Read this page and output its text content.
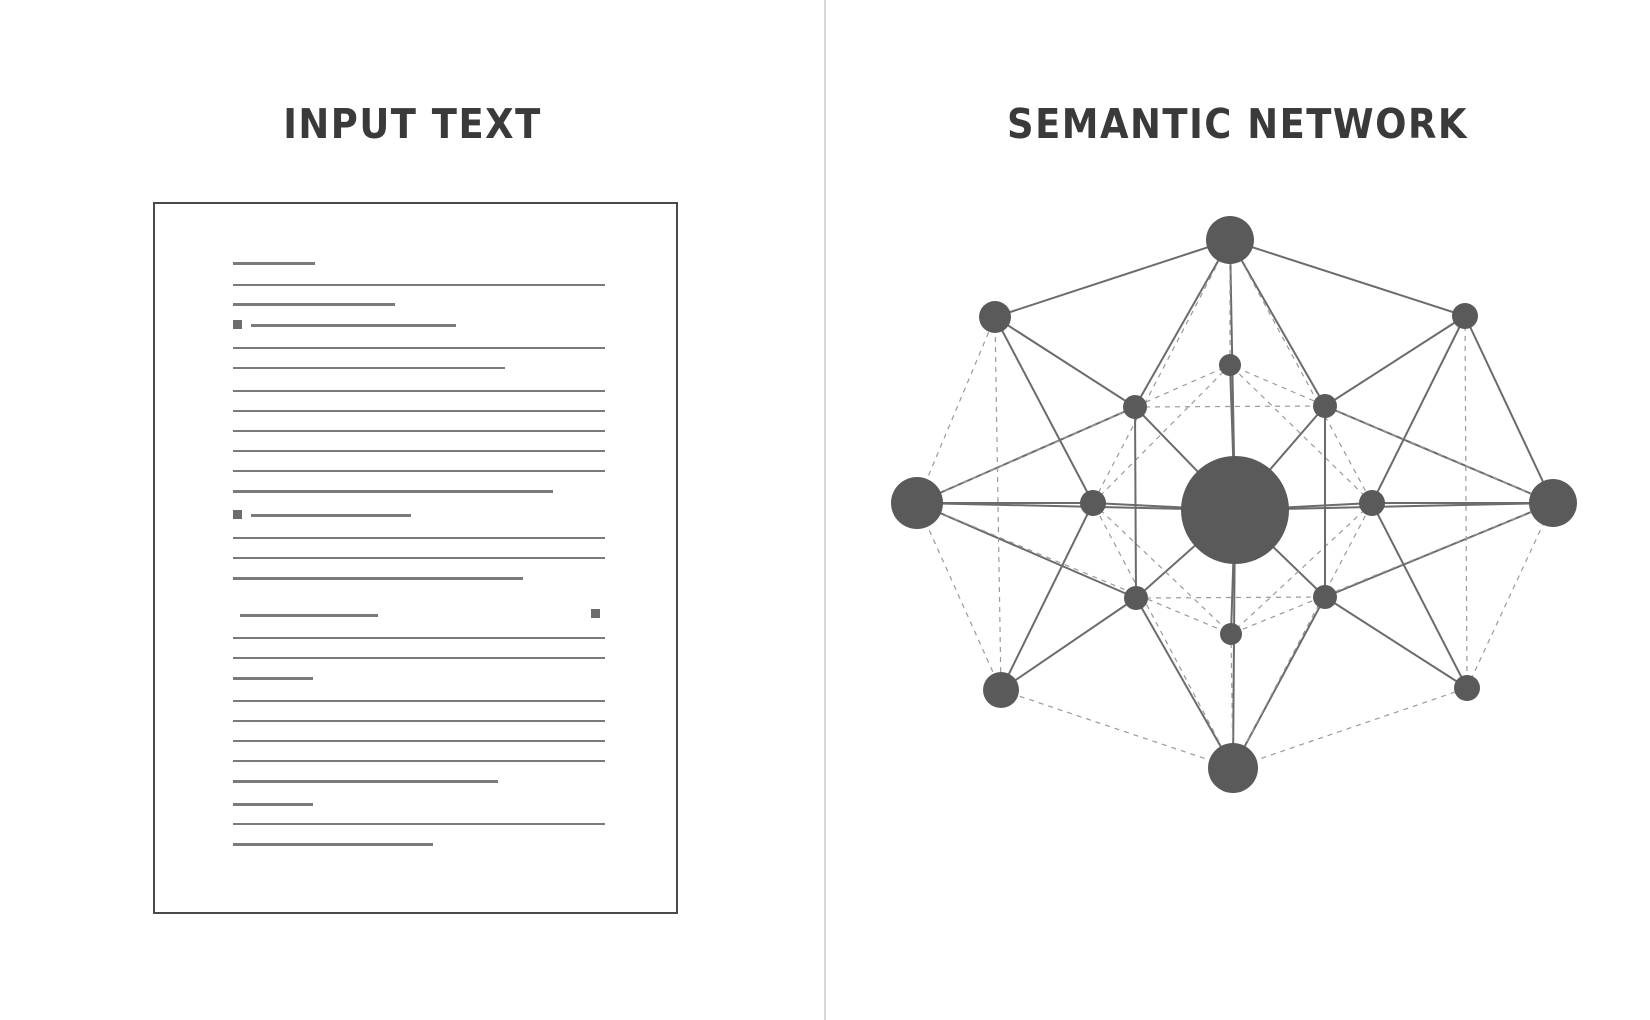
INPUT TEXT	SEMANTIC NETWORK
